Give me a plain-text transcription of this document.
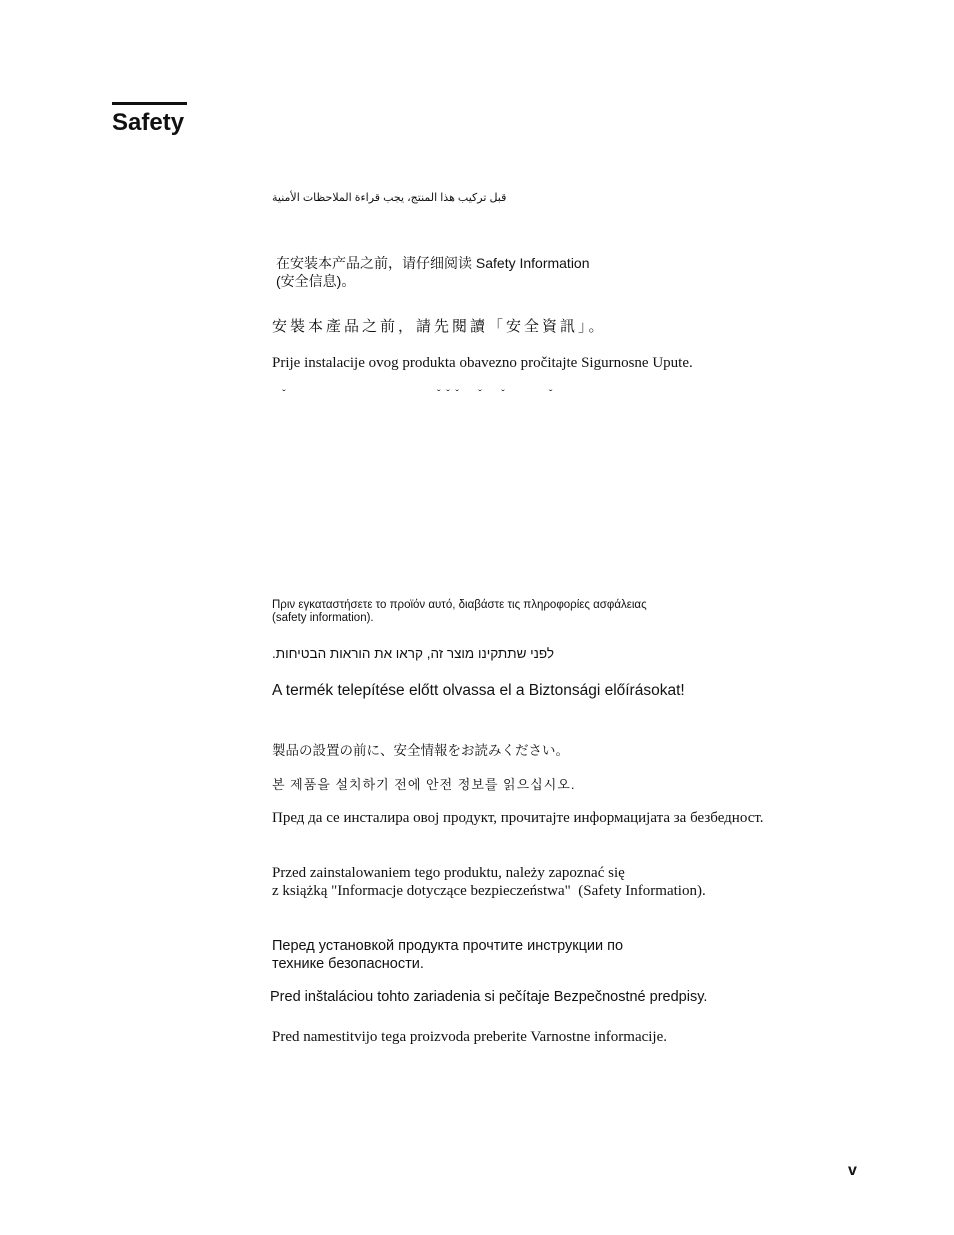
Safety
قبل تركيب هذا المنتج، يجب قراءة الملاحظات الأمنية
在安装本产品之前，请仔细阅读 Safety Information
(安全信息)。
安裝本產品之前，請先閱讀「安全資訊」。
Prije instalacije ovog produkta obavezno pročitajte Sigurnosne Upute.
ˇ                                                       ˇ  ˇ  ˇ       ˇ       ˇ                ˇ
Πριν εγκαταστήσετε το προϊόν αυτό, διαβάστε τις πληροφορίες ασφάλειας
(safety information).
לפני שתתקינו מוצר זה, קראו את הוראות הבטיחות.
A termék telepítése előtt olvassa el a Biztonsági előírásokat!
製品の設置の前に、安全情報をお読みください。
본 제품을 설치하기 전에 안전 정보를 읽으십시오.
Пред да се инсталира овој продукт, прочитајте информацијата за безбедност.
Przed zainstalowaniem tego produktu, należy zapoznać się
z książką "Informacje dotyczące bezpieczeństwa"  (Safety Information).
Перед установкой продукта прочтите инструкции по
технике безопасности.
Pred inštaláciou tohto zariadenia si pečítaje Bezpečnostné predpisy.
Pred namestitvijo tega proizvoda preberite Varnostne informacije.
v
